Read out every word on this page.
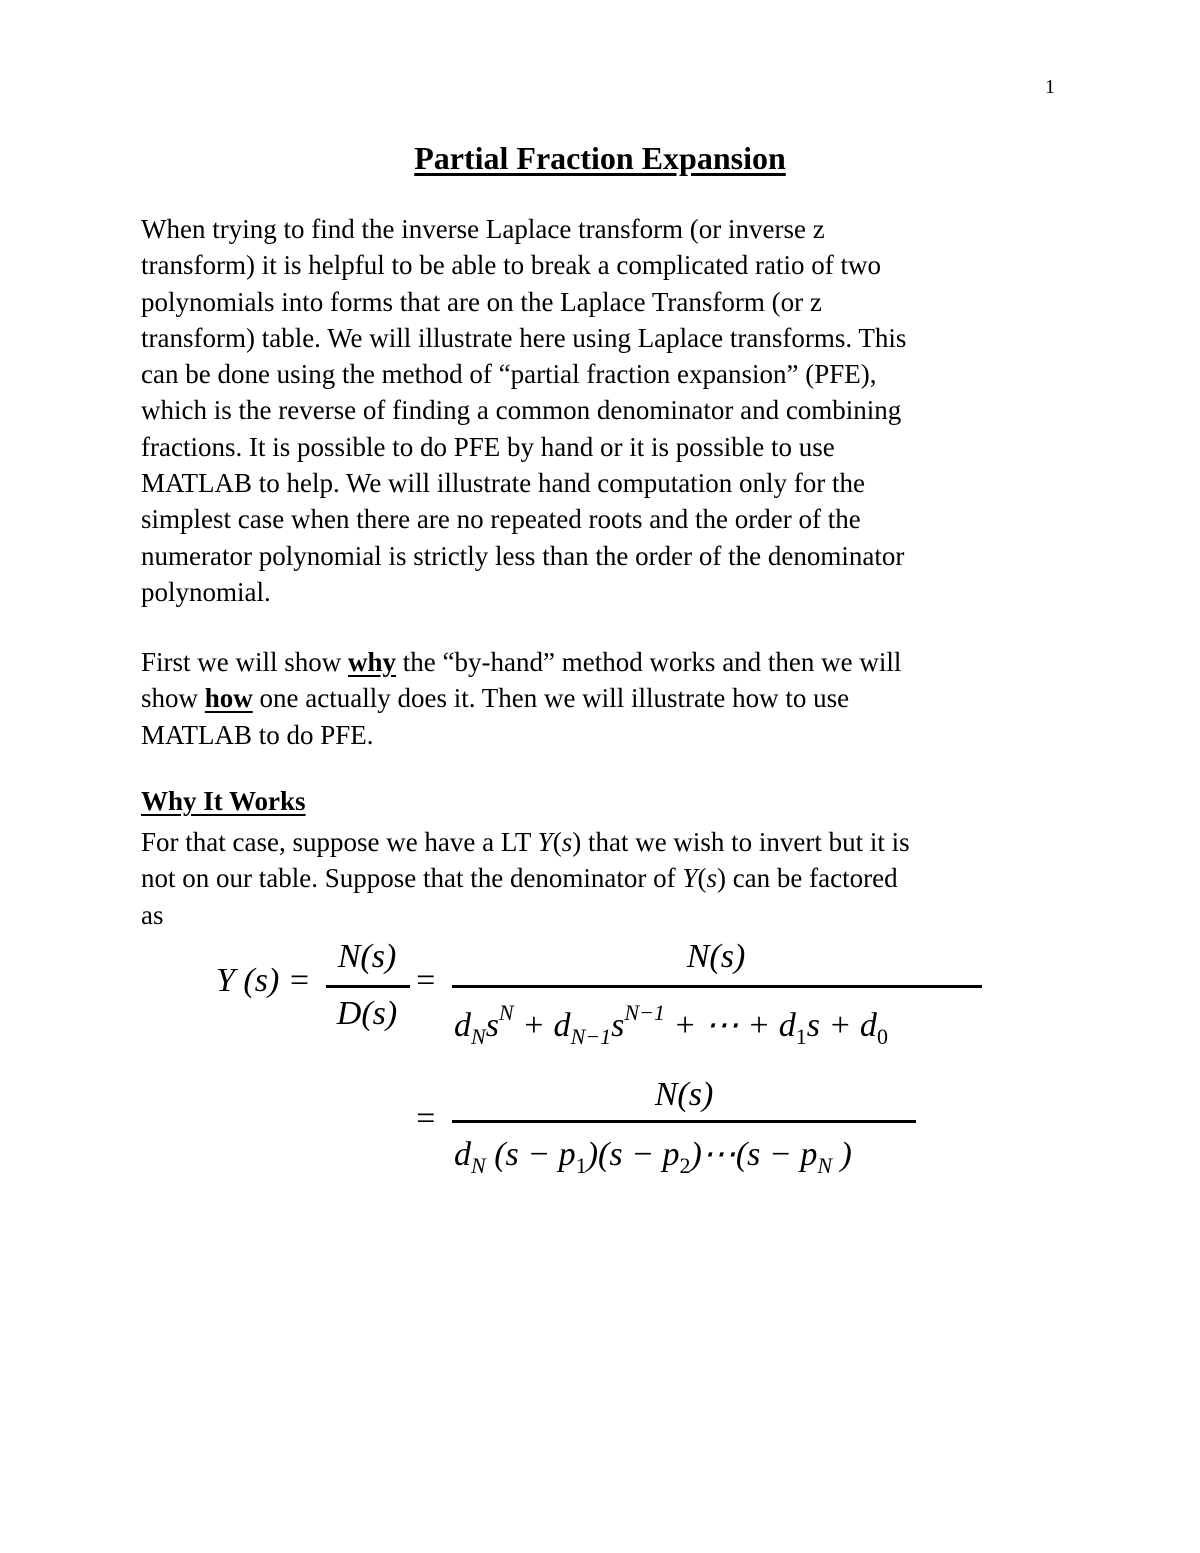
1
Partial Fraction Expansion
When trying to find the inverse Laplace transform (or inverse z
transform) it is helpful to be able to break a complicated ratio of two
polynomials into forms that are on the Laplace Transform (or z
transform) table. We will illustrate here using Laplace transforms. This
can be done using the method of “partial fraction expansion” (PFE),
which is the reverse of finding a common denominator and combining
fractions. It is possible to do PFE by hand or it is possible to use
MATLAB to help. We will illustrate hand computation only for the
simplest case when there are no repeated roots and the order of the
numerator polynomial is strictly less than the order of the denominator
polynomial.
First we will show why the “by-hand” method works and then we will
show how one actually does it. Then we will illustrate how to use
MATLAB to do PFE.
Why It Works
For that case, suppose we have a LT Y(s) that we wish to invert but it is
not on our table. Suppose that the denominator of Y(s) can be factored
as
Y (s) =
N(s)
D(s)
=
N(s)
$d_Ns^N + d_{N-1}s^{N-1}$ + ⋯ + $d_1s + d_0$
=
N(s)
$d_N$ $(s - p_1)(s$ − $p_2)\cdots(s - p_N$ )
